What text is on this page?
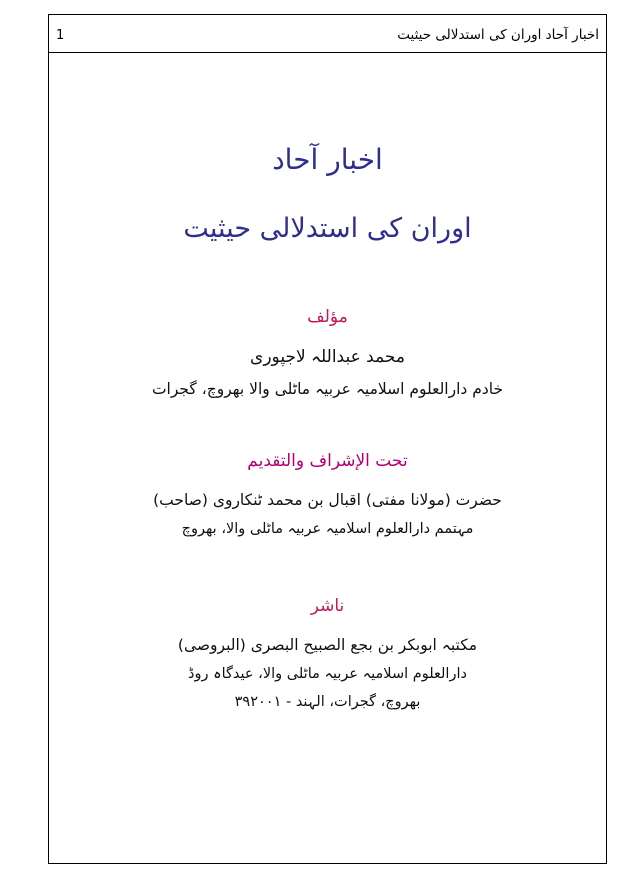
اخبار آحاد اوران کی استدلالی حیثیت
1
اخبار آحاد
اوران کی استدلالی حیثیت
مؤلف
محمد عبداللہ لاجپوری
خادم دارالعلوم اسلامیہ عربیہ ماٹلی والا بھروچ، گجرات
تحت الإشراف والتقدیم
حضرت (مولانا مفتی) اقبال بن محمد ٹنکاروی (صاحب)
مہتمم دارالعلوم اسلامیہ عربیہ ماٹلی والا، بھروچ
ناشر
مکتبہ ابوبکر بن بجع الصبیح البصری (البروصی)
دارالعلوم اسلامیہ عربیہ ماٹلی والا، عیدگاہ روڈ
بھروچ، گجرات، الہند - ٣٩٢٠٠١
